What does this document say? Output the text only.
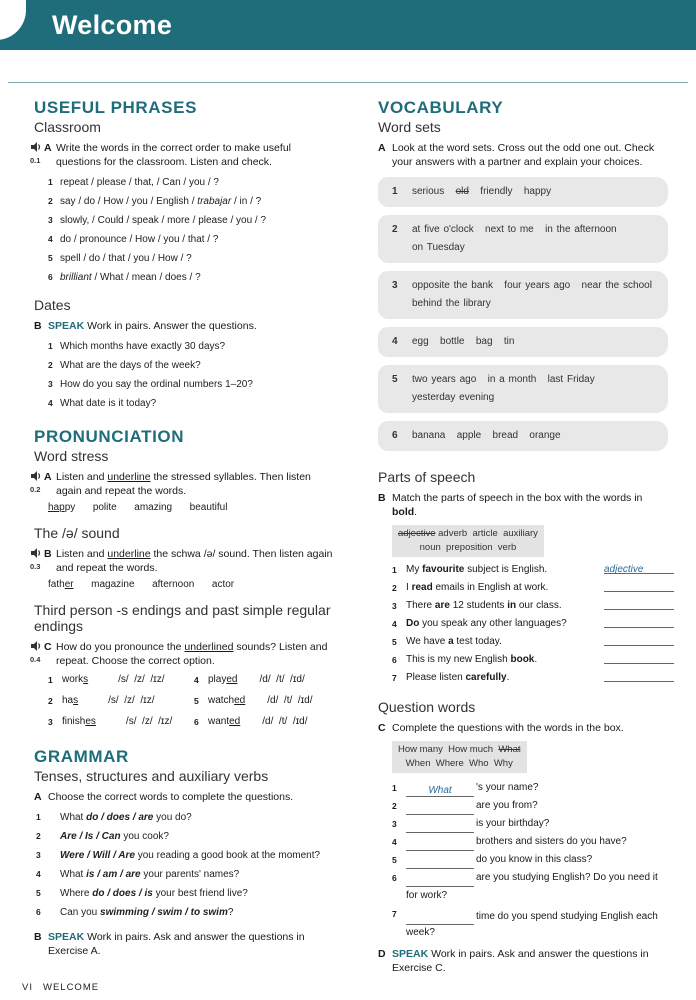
Welcome
USEFUL PHRASES
Classroom
0.1
A Write the words in the correct order to make useful questions for the classroom. Listen and check.
1 repeat / please / that, / Can / you / ?
2 say / do / How / you / English / trabajar / in / ?
3 slowly, / Could / speak / more / please / you / ?
4 do / pronounce / How / you / that / ?
5 spell / do / that / you / How / ?
6 brilliant / What / mean / does / ?
Dates
B SPEAK Work in pairs. Answer the questions.
1 Which months have exactly 30 days?
2 What are the days of the week?
3 How do you say the ordinal numbers 1–20?
4 What date is it today?
PRONUNCIATION
Word stress
0.2
A Listen and underline the stressed syllables. Then listen again and repeat the words.
happy polite  amazing  beautiful
The /ə/ sound
0.3
B Listen and underline the schwa /ə/ sound. Then listen again and repeat the words.
father magazine  afternoon  actor
Third person -s endings and past simple regular endings
0.4
C How do you pronounce the underlined sounds? Listen and repeat. Choose the correct option.
1 works	/s/  /z/  /ɪz/	4 played /d/  /t/  /ɪd/
2 has	/s/  /z/  /ɪz/	5 watched /d/  /t/  /ɪd/
3 finishes	/s/  /z/  /ɪz/	6 wanted /d/  /t/  /ɪd/
GRAMMAR
Tenses, structures and auxiliary verbs
A Choose the correct words to complete the questions.
1 What do / does / are you do?
2 Are / Is / Can you cook?
3 Were / Will / Are you reading a good book at the moment?
4 What is / am / are your parents' names?
5 Where do / does / is your best friend live?
6 Can you swimming / swim / to swim?
B SPEAK Work in pairs. Ask and answer the questions in Exercise A.
VOCABULARY
Word sets
A Look at the word sets. Cross out the odd one out. Check your answers with a partner and explain your choices.
1	serious old friendly   happy
2	at five o'clock   next to me   in the afternoon
on Tuesday
3	opposite the bank   four years ago   near the school
behind the library
4	egg   bottle   bag   tin
5	two years ago   in a month   last Friday
yesterday evening
6	banana   apple   bread   orange
Parts of speech
B Match the parts of speech in the box with the words in bold.
adjective adverb  article  auxiliary
noun  preposition  verb
1 My favourite subject is English.	adjective
2 I read emails in English at work.
3 There are 12 students in our class.
4 Do you speak any other languages?
5 We have a test today.
6 This is my new English book.
7 Please listen carefully.
Question words
C Complete the questions with the words in the box.
How many  How much  What
When  Where  Who  Why
1	What 's your name?
2	are you from?
3	is your birthday?
4	brothers and sisters do you have?
5	do you know in this class?
6	are you studying English? Do you need it for work?
7	time do you spend studying English each week?
D SPEAK Work in pairs. Ask and answer the questions in Exercise C.
VI WELCOME
